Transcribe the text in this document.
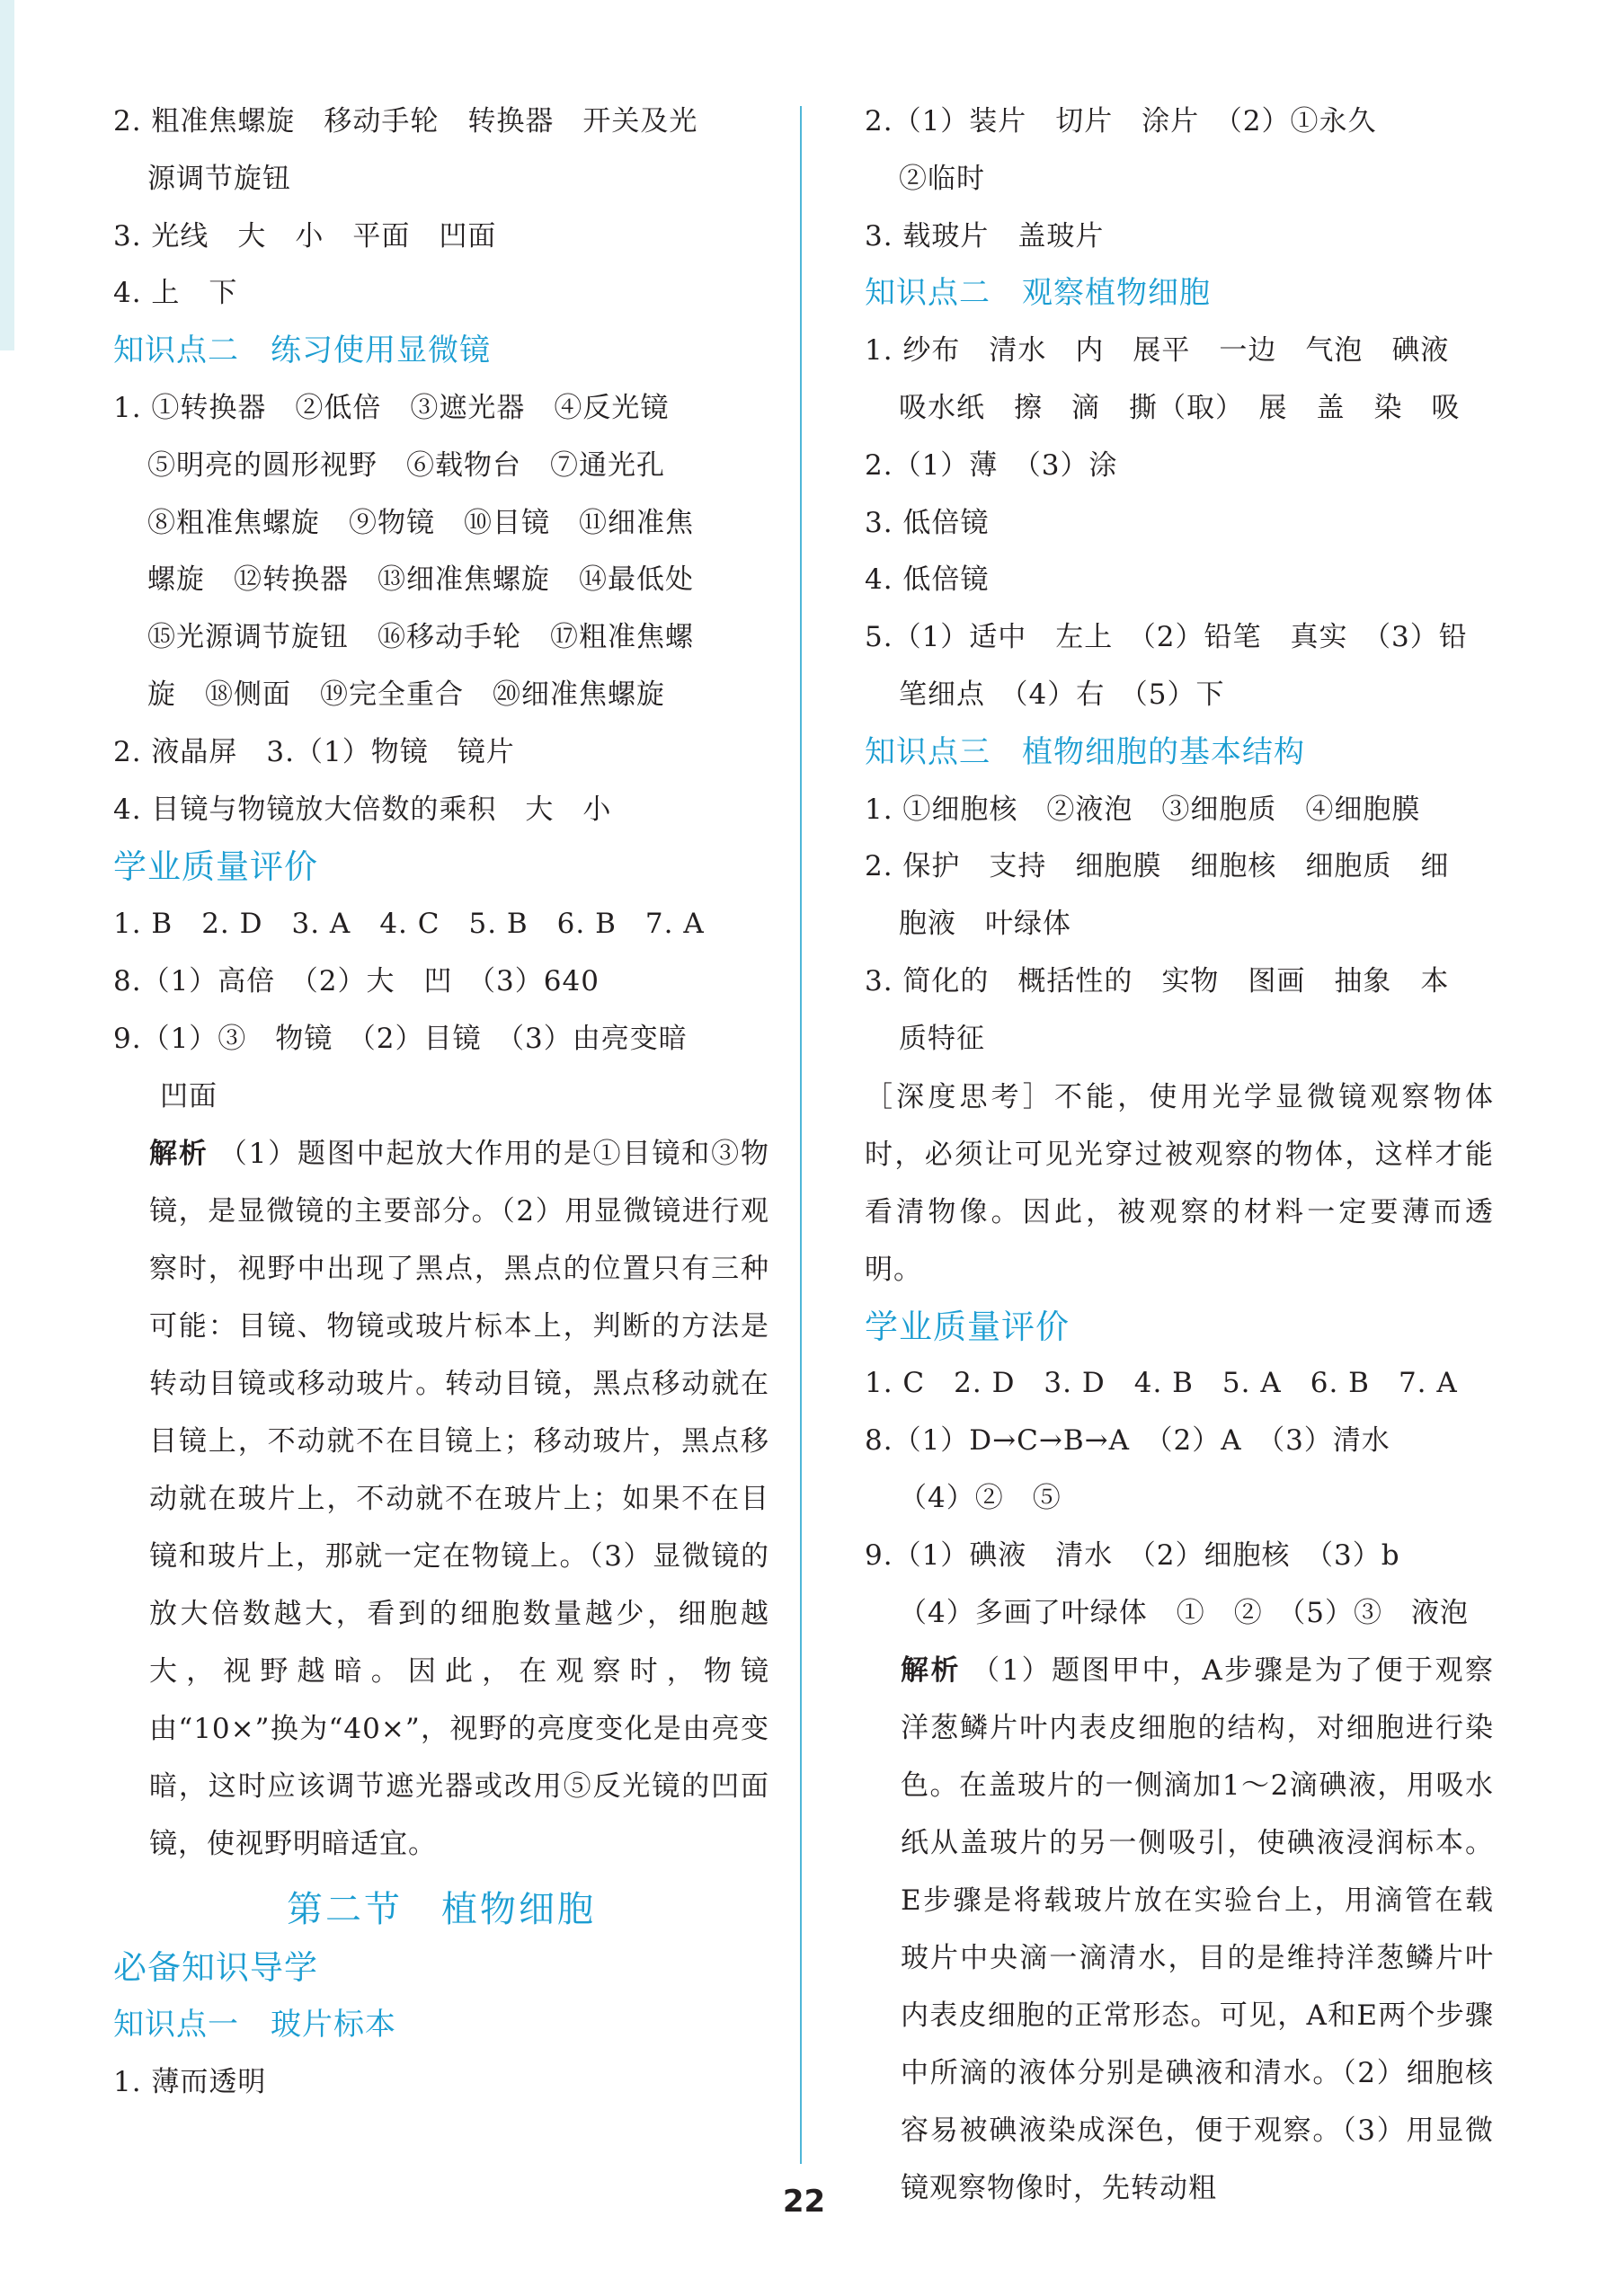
2. 粗准焦螺旋　移动手轮　转换器　开关及光
源调节旋钮
3. 光线　大　小　平面　凹面
4. 上　下
知识点二　练习使用显微镜
1. ①转换器　②低倍　③遮光器　④反光镜
⑤明亮的圆形视野　⑥载物台　⑦通光孔
⑧粗准焦螺旋　⑨物镜　⑩目镜　⑪细准焦
螺旋　⑫转换器　⑬细准焦螺旋　⑭最低处
⑮光源调节旋钮　⑯移动手轮　⑰粗准焦螺
旋　⑱侧面　⑲完全重合　⑳细准焦螺旋
2. 液晶屏　3.（1）物镜　镜片
4. 目镜与物镜放大倍数的乘积　大　小
学业质量评价
1. B　2. D　3. A　4. C　5. B　6. B　7. A
8.（1）高倍　（2）大　凹　（3）640
9.（1）③　物镜　（2）目镜　（3）由亮变暗
凹面
解析 （1）题图中起放大作用的是①目镜和③物镜，是显微镜的主要部分。（2）用显微镜进行观察时，视野中出现了黑点，黑点的位置只有三种可能：目镜、物镜或玻片标本上，判断的方法是转动目镜或移动玻片。转动目镜，黑点移动就在目镜上，不动就不在目镜上；移动玻片，黑点移动就在玻片上，不动就不在玻片上；如果不在目镜和玻片上，那就一定在物镜上。（3）显微镜的放大倍数越大，看到的细胞数量越少，细胞越大，视野越暗。因此，在观察时，物镜由“10×”换为“40×”，视野的亮度变化是由亮变暗，这时应该调节遮光器或改用⑤反光镜的凹面镜，使视野明暗适宜。
第二节　植物细胞
必备知识导学
知识点一　玻片标本
1. 薄而透明
2.（1）装片　切片　涂片　（2）①永久
②临时
3. 载玻片　盖玻片
知识点二　观察植物细胞
1. 纱布　清水　内　展平　一边　气泡　碘液
吸水纸　擦　滴　撕（取）　展　盖　染　吸
2.（1）薄　（3）涂
3. 低倍镜
4. 低倍镜
5.（1）适中　左上　（2）铅笔　真实　（3）铅
笔细点　（4）右　（5）下
知识点三　植物细胞的基本结构
1. ①细胞核　②液泡　③细胞质　④细胞膜
2. 保护　支持　细胞膜　细胞核　细胞质　细
胞液　叶绿体
3. 简化的　概括性的　实物　图画　抽象　本
质特征
［深度思考］不能，使用光学显微镜观察物体时，必须让可见光穿过被观察的物体，这样才能看清物像。因此，被观察的材料一定要薄而透明。
学业质量评价
1. C　2. D　3. D　4. B　5. A　6. B　7. A
8.（1）D→C→B→A　（2）A　（3）清水
（4）②　⑤
9.（1）碘液　清水　（2）细胞核　（3）b
（4）多画了叶绿体　①　②　（5）③　液泡
解析 （1）题图甲中，A步骤是为了便于观察洋葱鳞片叶内表皮细胞的结构，对细胞进行染色。在盖玻片的一侧滴加1～2滴碘液，用吸水纸从盖玻片的另一侧吸引，使碘液浸润标本。E步骤是将载玻片放在实验台上，用滴管在载玻片中央滴一滴清水，目的是维持洋葱鳞片叶内表皮细胞的正常形态。可见，A和E两个步骤中所滴的液体分别是碘液和清水。（2）细胞核容易被碘液染成深色，便于观察。（3）用显微镜观察物像时，先转动粗
22
